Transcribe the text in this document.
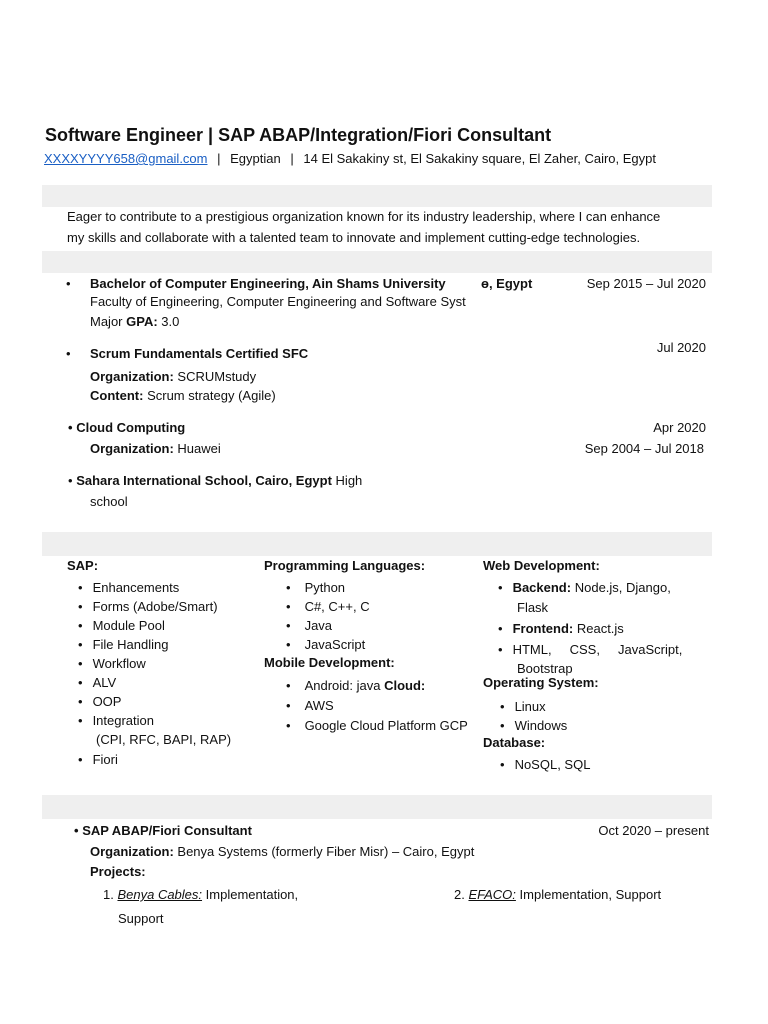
Software Engineer | SAP ABAP/Integration/Fiori Consultant
XXXXYYYY658@gmail.com | Egyptian | 14 El Sakakiny st, El Sakakiny square, El Zaher, Cairo, Egypt
Eager to contribute to a prestigious organization known for its industry leadership, where I can enhance
my skills and collaborate with a talented team to innovate and implement cutting-edge technologies.
•
Bachelor of Computer Engineering, Ain Shams University	ɵ, Egypt	Sep 2015 – Jul 2020
Faculty of Engineering, Computer Engineering and Software Syst
Major GPA: 3.0
•
Scrum Fundamentals Certified SFC	Jul 2020
Organization: SCRUMstudy
Content: Scrum strategy (Agile)
• Cloud Computing	Apr 2020
Organization: Huawei	Sep 2004 – Jul 2018
• Sahara International School, Cairo, Egypt High
school
SAP:
• Enhancements
• Forms (Adobe/Smart)
• Module Pool
• File Handling
• Workflow
• ALV
• OOP
• Integration
(CPI, RFC, BAPI, RAP)
• Fiori
Programming Languages:
• Python
• C#, C++, C
• Java
• JavaScript
Mobile Development:
• Android: java Cloud:
• AWS
• Google Cloud Platform GCP
Web Development:
• Backend: Node.js, Django,
Flask
• Frontend: React.js
• HTML,     CSS,     JavaScript,
Bootstrap
Operating System:
• Linux
• Windows
Database:
• NoSQL, SQL
• SAP ABAP/Fiori Consultant	Oct 2020 – present
Organization: Benya Systems (formerly Fiber Misr) – Cairo, Egypt
Projects:
1. Benya Cables: Implementation,
Support
2. EFACO: Implementation, Support
